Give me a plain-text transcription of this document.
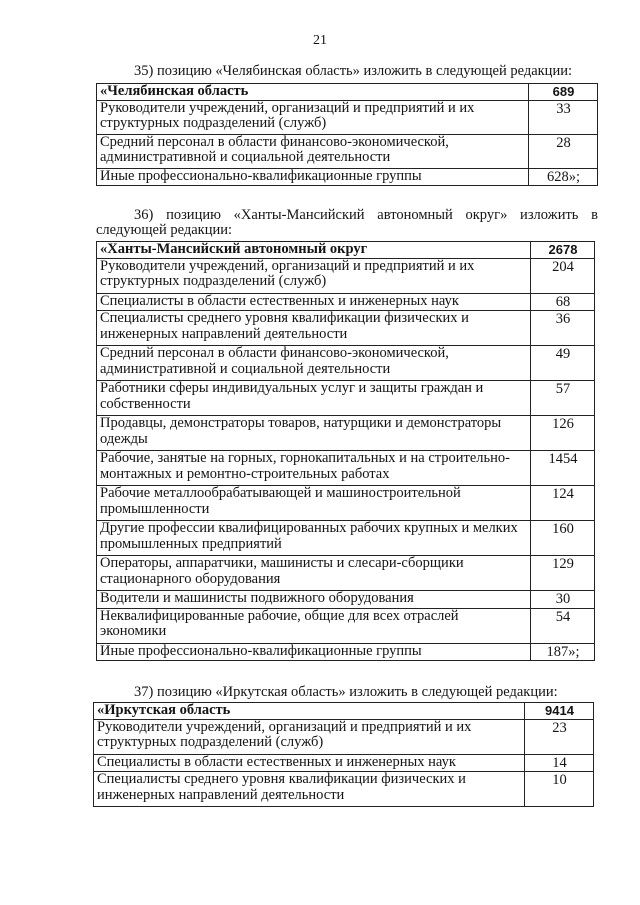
21
35) позицию «Челябинская область» изложить в следующей редакции:
«Челябинская область	689
Руководители учреждений, организаций и предприятий и их структурных подразделений (служб)	33
Средний персонал в области финансово-экономической, административной и социальной деятельности	28
Иные профессионально-квалификационные группы	628»;
36) позицию «Ханты-Мансийский автономный округ» изложить в следующей редакции:
«Ханты-Мансийский автономный округ	2678
Руководители учреждений, организаций и предприятий и их структурных подразделений (служб)	204
Специалисты в области естественных и инженерных наук	68
Специалисты среднего уровня квалификации физических и инженерных направлений деятельности	36
Средний персонал в области финансово-экономической, административной и социальной деятельности	49
Работники сферы индивидуальных услуг и защиты граждан и собственности	57
Продавцы, демонстраторы товаров, натурщики и демонстраторы одежды	126
Рабочие, занятые на горных, горнокапитальных и на строительно-монтажных и ремонтно-строительных работах	1454
Рабочие металлообрабатывающей и машиностроительной промышленности	124
Другие профессии квалифицированных рабочих крупных и мелких промышленных предприятий	160
Операторы, аппаратчики, машинисты и слесари-сборщики стационарного оборудования	129
Водители и машинисты подвижного оборудования	30
Неквалифицированные рабочие, общие для всех отраслей экономики	54
Иные профессионально-квалификационные группы	187»;
37) позицию «Иркутская область» изложить в следующей редакции:
«Иркутская область	9414
Руководители учреждений, организаций и предприятий и их структурных подразделений (служб)	23
Специалисты в области естественных и инженерных наук	14
Специалисты среднего уровня квалификации физических и инженерных направлений деятельности	10
